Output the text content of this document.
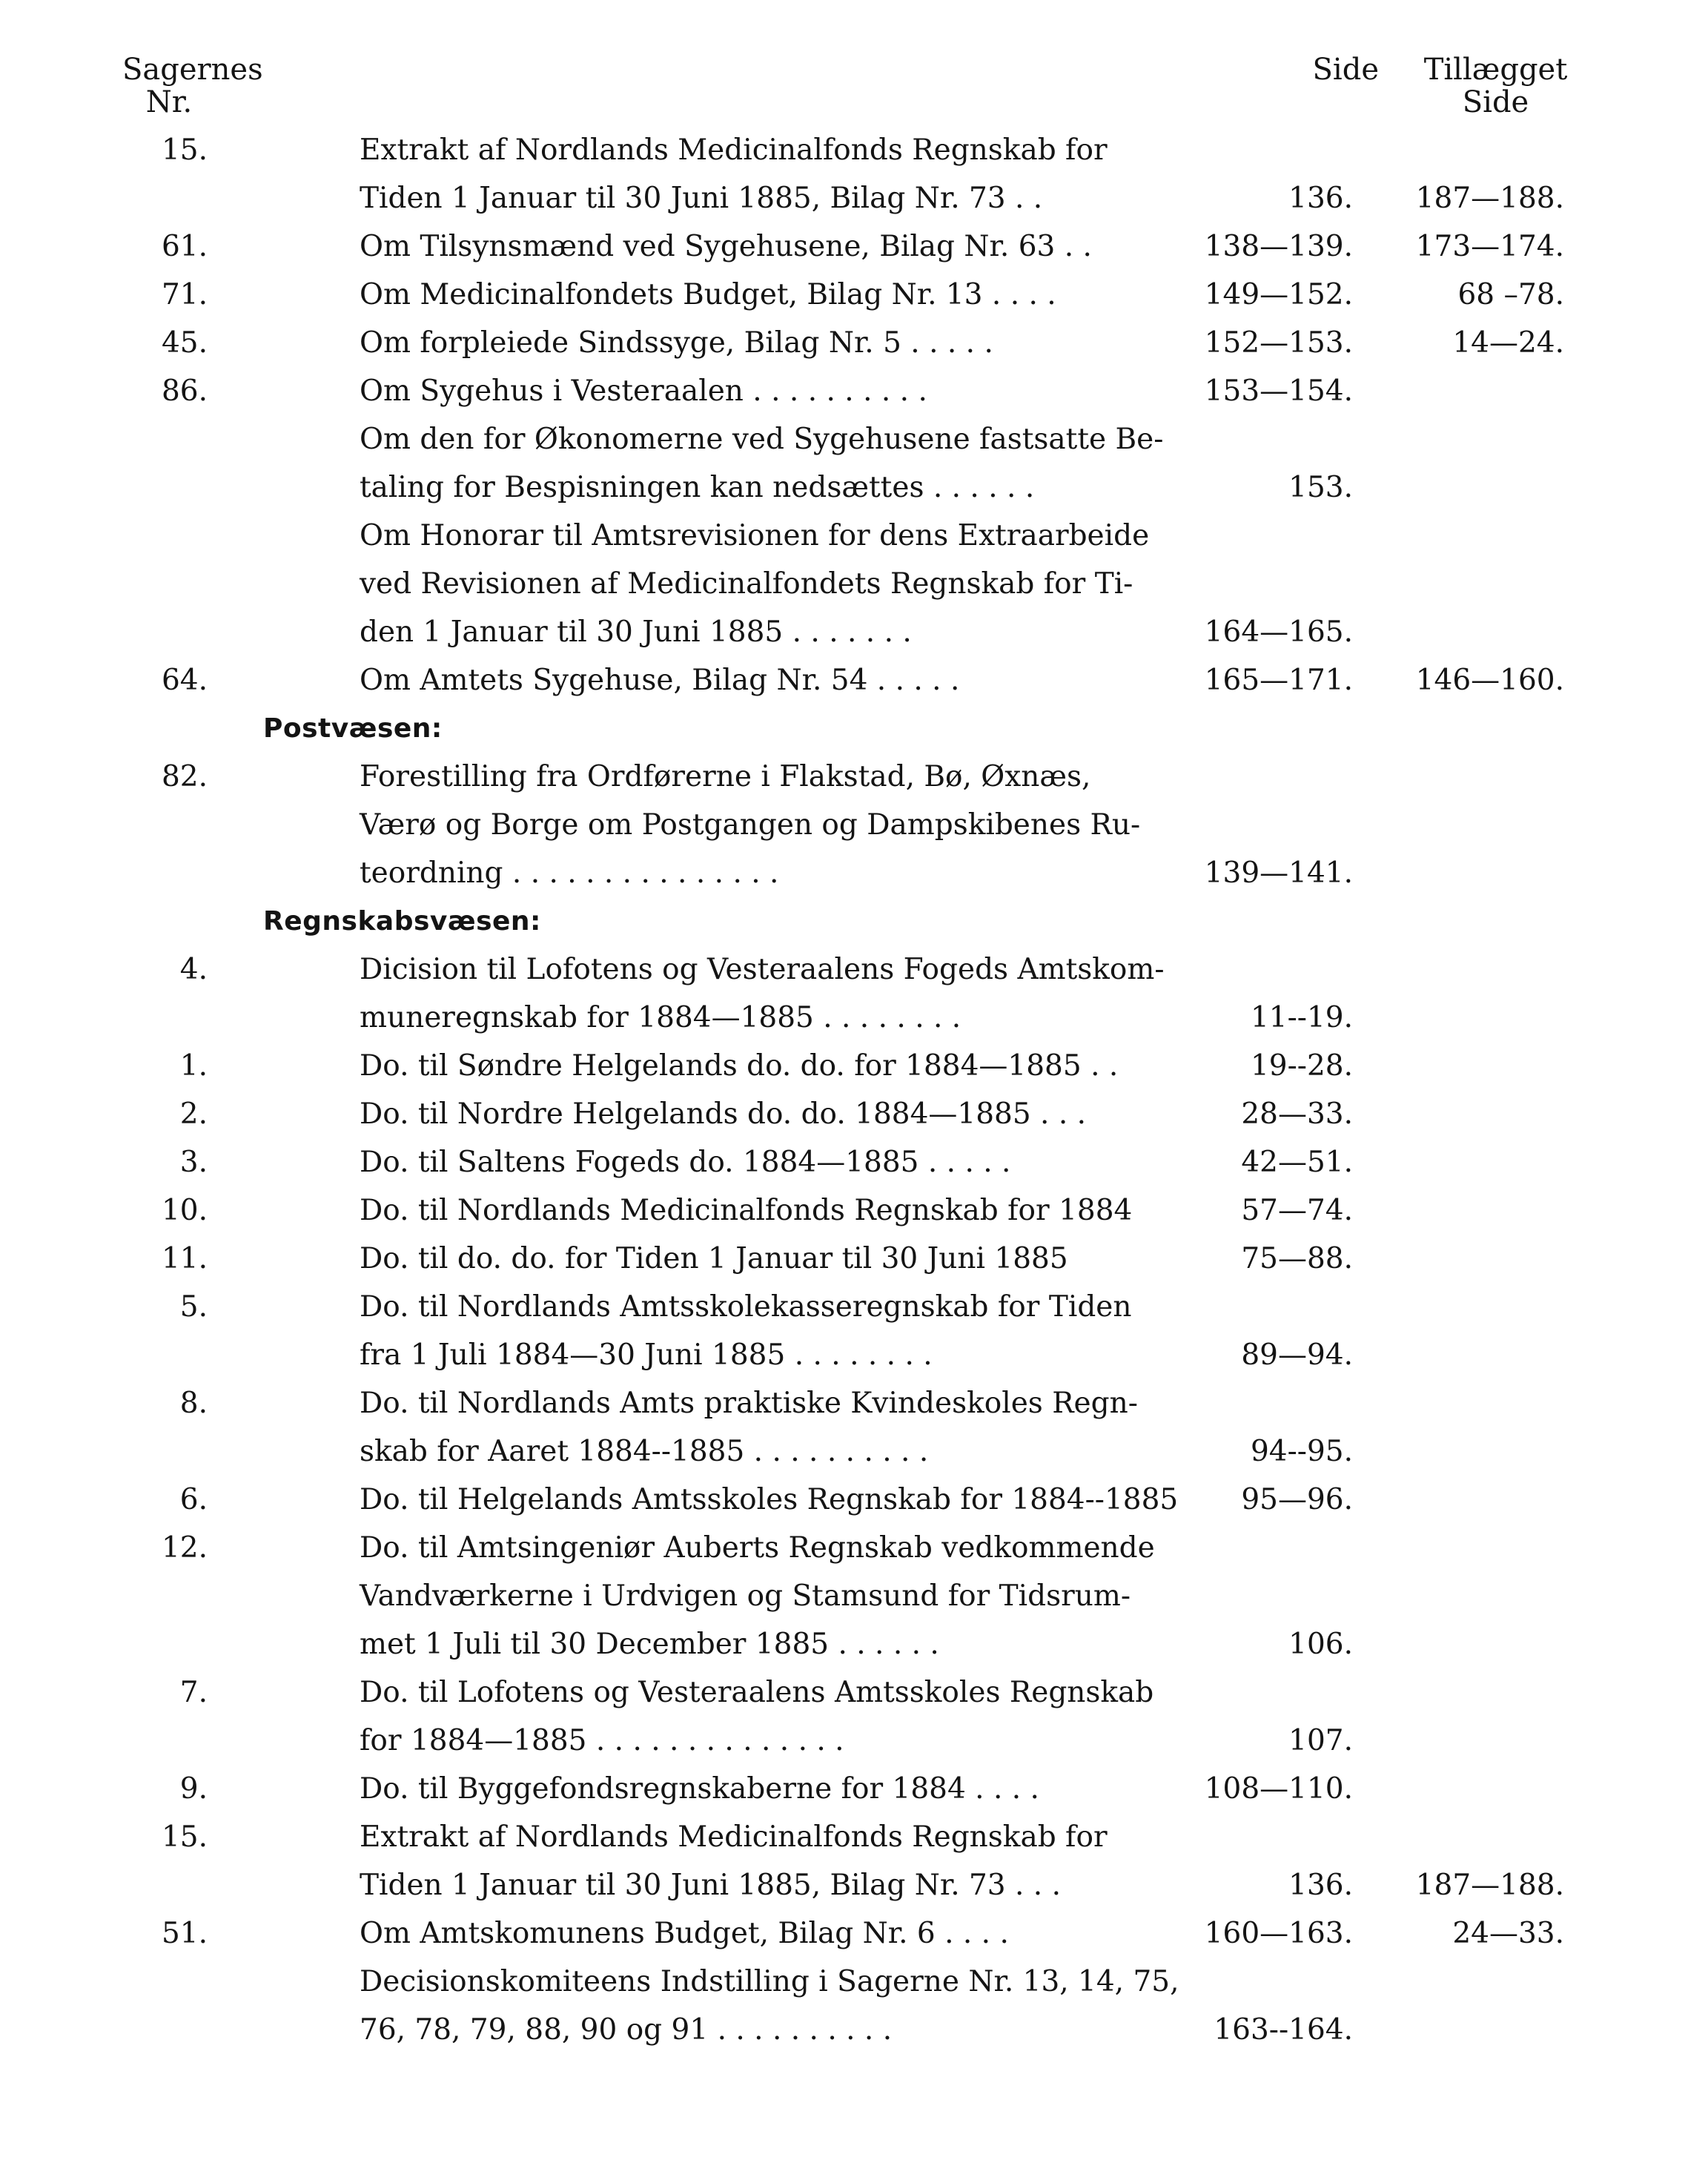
Sagernes
Nr.
Side	Tillægget
Side
15.	Extrakt af Nordlands Medicinalfonds Regnskab for
Tiden 1 Januar til 30 Juni 1885, Bilag Nr. 73 . .	136.	187—188.
61.	Om Tilsynsmænd ved Sygehusene, Bilag Nr. 63 . .	138—139.	173—174.
71.	Om Medicinalfondets Budget, Bilag Nr. 13 . . . .	149—152.	68 –78.
45.	Om forpleiede Sindssyge, Bilag Nr. 5 . . . . .	152—153.	14—24.
86.	Om Sygehus i Vesteraalen . . . . . . . . . .	153—154.
Om den for Økonomerne ved Sygehusene fastsatte Be-
taling for Bespisningen kan nedsættes . . . . . .	153.
Om Honorar til Amtsrevisionen for dens Extraarbeide
ved Revisionen af Medicinalfondets Regnskab for Ti-
den 1 Januar til 30 Juni 1885 . . . . . . .	164—165.
64.	Om Amtets Sygehuse, Bilag Nr. 54 . . . . .	165—171.	146—160.
Postvæsen:
82.	Forestilling fra Ordførerne i Flakstad, Bø, Øxnæs,
Værø og Borge om Postgangen og Dampskibenes Ru-
teordning . . . . . . . . . . . . . . .	139—141.
Regnskabsvæsen:
4.	Dicision til Lofotens og Vesteraalens Fogeds Amtskom-
muneregnskab for 1884—1885 . . . . . . . .	11--19.
1.	Do. til Søndre Helgelands do. do. for 1884—1885 . .	19--28.
2.	Do. til Nordre Helgelands do. do. 1884—1885 . . .	28—33.
3.	Do. til Saltens Fogeds do. 1884—1885 . . . . .	42—51.
10.	Do. til Nordlands Medicinalfonds Regnskab for 1884	57—74.
11.	Do. til do. do. for Tiden 1 Januar til 30 Juni 1885	75—88.
5.	Do. til Nordlands Amtsskolekasseregnskab for Tiden
fra 1 Juli 1884—30 Juni 1885 . . . . . . . .	89—94.
8.	Do. til Nordlands Amts praktiske Kvindeskoles Regn-
skab for Aaret 1884--1885 . . . . . . . . . .	94--95.
6.	Do. til Helgelands Amtsskoles Regnskab for 1884--1885	95—96.
12.	Do. til Amtsingeniør Auberts Regnskab vedkommende
Vandværkerne i Urdvigen og Stamsund for Tidsrum-
met 1 Juli til 30 December 1885 . . . . . .	106.
7.	Do. til Lofotens og Vesteraalens Amtsskoles Regnskab
for 1884—1885 . . . . . . . . . . . . . .	107.
9.	Do. til Byggefondsregnskaberne for 1884 . . . .	108—110.
15.	Extrakt af Nordlands Medicinalfonds Regnskab for
Tiden 1 Januar til 30 Juni 1885, Bilag Nr. 73 . . .	136.	187—188.
51.	Om Amtskomunens Budget, Bilag Nr. 6 . . . .	160—163.	24—33.
Decisionskomiteens Indstilling i Sagerne Nr. 13, 14, 75,
76, 78, 79, 88, 90 og 91 . . . . . . . . . .	163--164.
